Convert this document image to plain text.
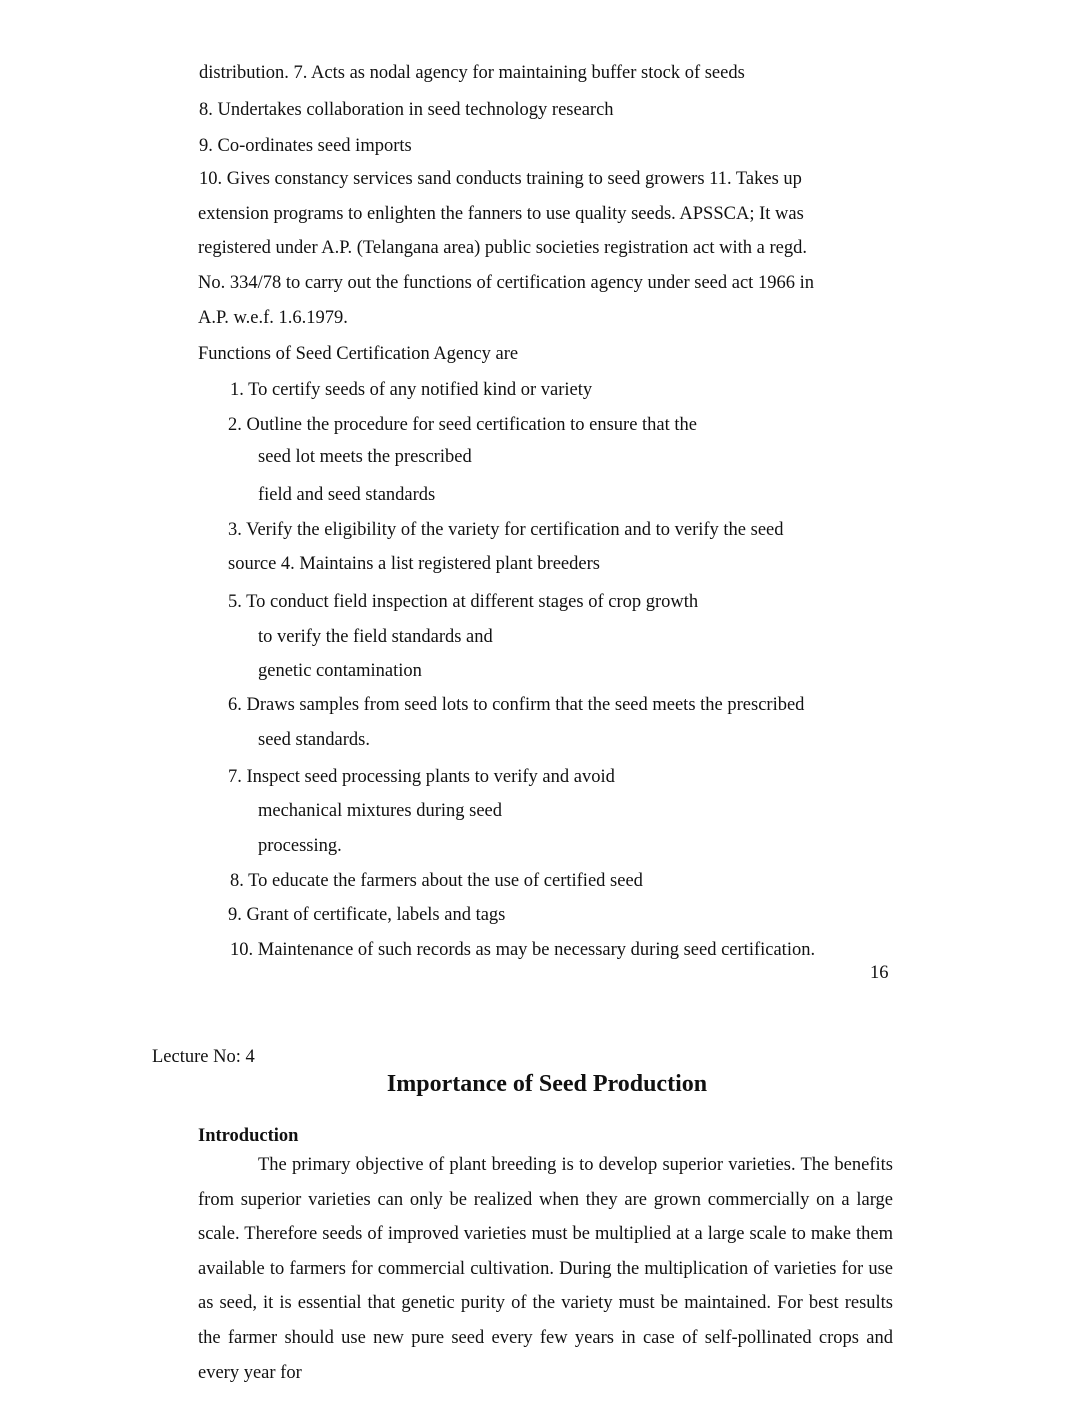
distribution. 7. Acts as nodal agency for maintaining buffer stock of seeds
8. Undertakes collaboration in seed technology research
9. Co-ordinates seed imports
10. Gives constancy services sand conducts training to seed growers 11. Takes up
extension programs to enlighten the fanners to use quality seeds. APSSCA; It was
registered under A.P. (Telangana area) public societies registration act with a regd.
No. 334/78 to carry out the functions of certification agency under seed act 1966 in
A.P. w.e.f. 1.6.1979.
Functions of Seed Certification Agency are
1. To certify seeds of any notified kind or variety
2. Outline the procedure for seed certification to ensure that the
seed lot meets the prescribed
field and seed standards
3. Verify the eligibility of the variety for certification and to verify the seed
source 4. Maintains a list registered plant breeders
5. To conduct field inspection at different stages of crop growth
to verify the field standards and
genetic contamination
6. Draws samples from seed lots to confirm that the seed meets the prescribed
seed standards.
7. Inspect seed processing plants to verify and avoid
mechanical mixtures during seed
processing.
8. To educate the farmers about the use of certified seed
9. Grant of certificate, labels and tags
10. Maintenance of such records as may be necessary during seed certification.
16
Lecture No: 4
Importance of Seed Production
Introduction

The primary objective of plant breeding is to develop superior varieties. The benefits from superior varieties can only be realized when they are grown commercially on a large scale. Therefore seeds of improved varieties must be multiplied at a large scale to make them available to farmers for commercial cultivation. During the multiplication of varieties for use as seed, it is essential that genetic purity of the variety must be maintained. For best results the farmer should use new pure seed every few years in case of self-pollinated crops and every year for
